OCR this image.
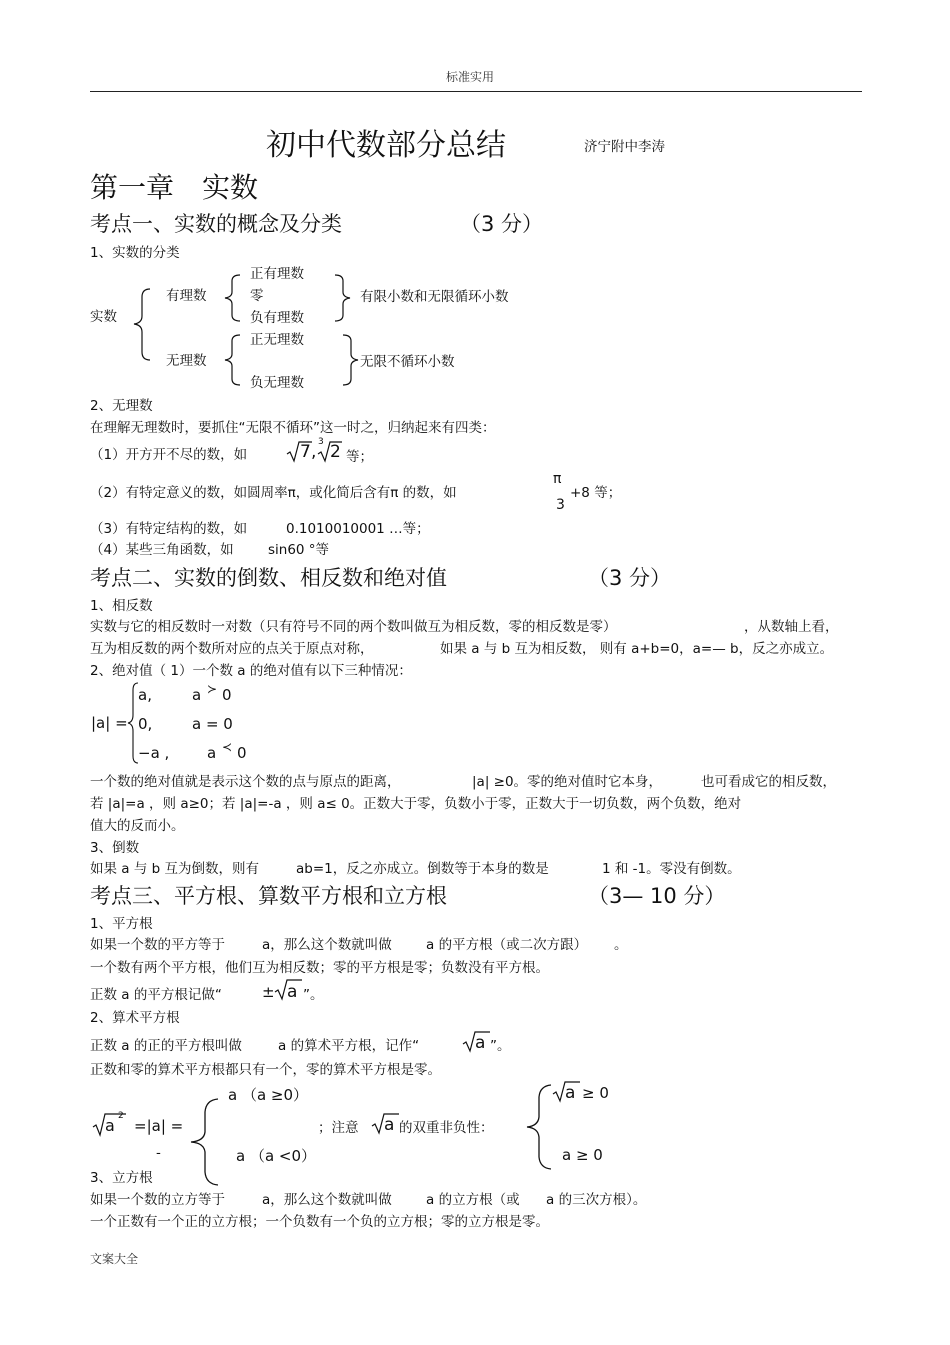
标准实用
初中代数部分总结	济宁附中李涛
第一章　实数
考点一、实数的概念及分类	（3 分）
1、实数的分类
实数
有理数
无理数
正有理数
零
负有理数
有限小数和无限循环小数
正无理数
负无理数
无限不循环小数
2、无理数
在理解无理数时，要抓住“无限不循环”这一时之，归纳起来有四类：
（1）开方开不尽的数，如	7 , 3 2 等；
（2）有特定意义的数，如圆周率π，或化简后含有π 的数，如
π
3
+8 等；
（3）有特定结构的数，如	0.1010010001 …等；
（4）某些三角函数，如	sin60 °等
考点二、实数的倒数、相反数和绝对值	（3 分）
1、相反数
实数与它的相反数时一对数（只有符号不同的两个数叫做互为相反数，零的相反数是零）	，从数轴上看，
互为相反数的两个数所对应的点关于原点对称，	如果 a 与 b 互为相反数， 则有 a+b=0，a=— b，反之亦成立。
2、绝对值（ 1）一个数 a 的绝对值有以下三种情况：
|a| =
a,	a ≻ 0
0,	a = 0
−a ,	a ≺ 0
一个数的绝对值就是表示这个数的点与原点的距离，	|a| ≥0。零的绝对值时它本身，	也可看成它的相反数，
若 |a|=a ，则 a≥0；若 |a|=-a ，则 a≤ 0。正数大于零，负数小于零，正数大于一切负数，两个负数，绝对
值大的反而小。
3、倒数
如果 a 与 b 互为倒数，则有	ab=1，反之亦成立。倒数等于本身的数是	1 和 -1。零没有倒数。
考点三、平方根、算数平方根和立方根	（3— 10 分）
1、平方根
如果一个数的平方等于	a，那么这个数就叫做	a 的平方根（或二次方跟） 。
一个数有两个平方根，他们互为相反数；零的平方根是零；负数没有平方根。
正数 a 的平方根记做“	± a ”。
2、算术平方根
正数 a 的正的平方根叫做	a 的算术平方根，记作“	a ”。
正数和零的算术平方根都只有一个，零的算术平方根是零。
a 2
=|a| =
a （a ≥0）
-	a （a <0）
；注意 a 的双重非负性：
a ≥ 0
a ≥ 0
3、立方根
如果一个数的立方等于	a，那么这个数就叫做	a 的立方根（或 a 的三次方根）。
一个正数有一个正的立方根；一个负数有一个负的立方根；零的立方根是零。
文案大全
